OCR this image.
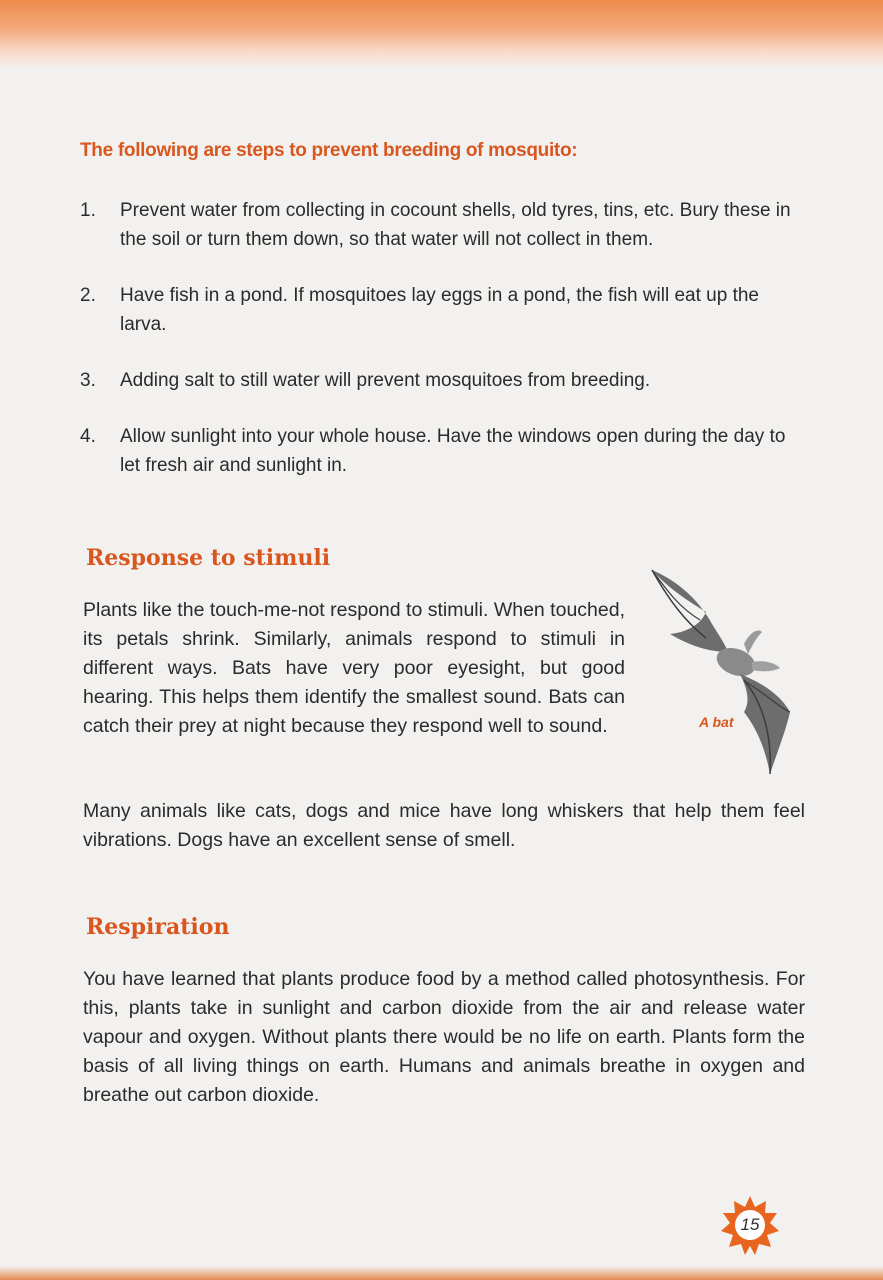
The following are steps to prevent breeding of mosquito:
1.	Prevent water from collecting in cocount shells, old tyres, tins, etc. Bury these in the soil or turn them down, so that water will not collect in them.
2.	Have fish in a pond. If mosquitoes lay eggs in a pond, the fish will eat up the larva.
3.	Adding salt to still water will prevent mosquitoes from breeding.
4.	Allow sunlight into your whole house. Have the windows open during the day to let fresh air and sunlight in.
Response to stimuli
Plants like the touch-me-not respond to stimuli. When touched, its petals shrink. Similarly, animals respond to stimuli in different ways. Bats have very poor eyesight, but good hearing. This helps them identify the smallest sound. Bats can catch their prey at night because they respond well to sound.	A bat
Many animals like cats, dogs and mice have long whiskers that help them feel vibrations. Dogs have an excellent sense of smell.
Respiration
You have learned that plants produce food by a method called photosynthesis. For this, plants take in sunlight and carbon dioxide from the air and release water vapour and oxygen. Without plants there would be no life on earth. Plants form the basis of all living things on earth. Humans and animals breathe in oxygen and breathe out carbon dioxide.
15
